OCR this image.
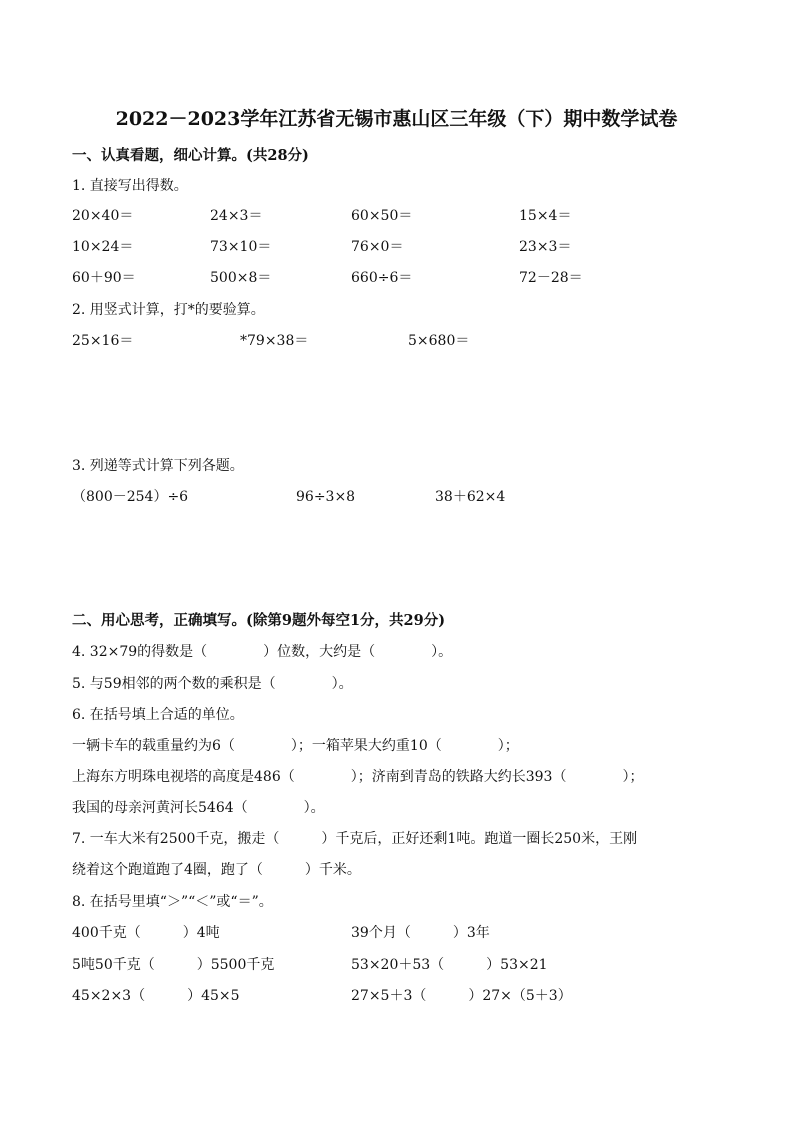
2022－2023学年江苏省无锡市惠山区三年级（下）期中数学试卷
一、认真看题，细心计算。(共28分)
1. 直接写出得数。
20×40＝	24×3＝	60×50＝	15×4＝
10×24＝	73×10＝	76×0＝	23×3＝
60＋90＝	500×8＝	660÷6＝	72－28＝
2. 用竖式计算，打*的要验算。
25×16＝	*79×38＝	5×680＝
3. 列递等式计算下列各题。
（800－254）÷6	96÷3×8	38＋62×4
二、用心思考，正确填写。(除第9题外每空1分，共29分)
4. 32×79的得数是（　　　　）位数，大约是（　　　　）。
5. 与59相邻的两个数的乘积是（　　　　）。
6. 在括号填上合适的单位。
一辆卡车的载重量约为6（　　　　）；一箱苹果大约重10（　　　　）；
上海东方明珠电视塔的高度是486（　　　　）；济南到青岛的铁路大约长393（　　　　）；
我国的母亲河黄河长5464（　　　　）。
7. 一车大米有2500千克，搬走（　　　）千克后，正好还剩1吨。跑道一圈长250米，王刚
绕着这个跑道跑了4圈，跑了（　　　）千米。
8. 在括号里填“＞”“＜”或“＝”。
400千克（　　　）4吨	39个月（　　　）3年
5吨50千克（　　　）5500千克	53×20＋53（　　　）53×21
45×2×3（　　　）45×5	27×5＋3（　　　）27×（5＋3）
